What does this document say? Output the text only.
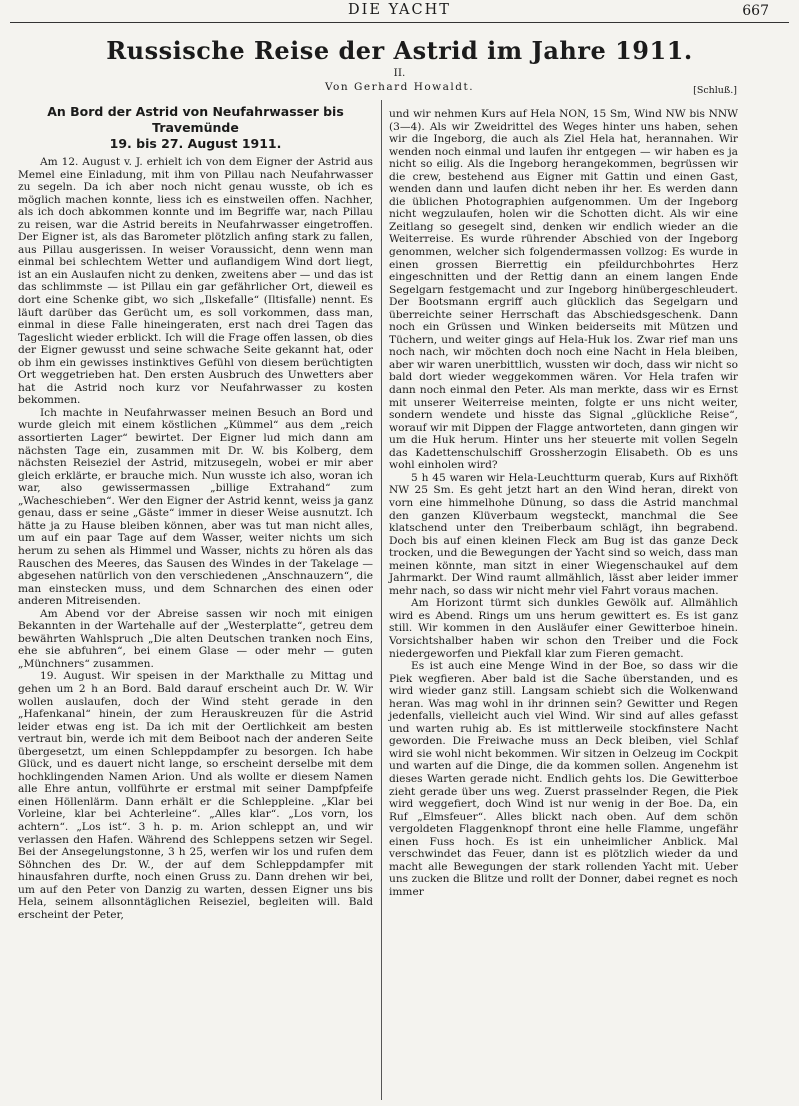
DIE YACHT	667
Russische Reise der Astrid im Jahre 1911.
II.
Von Gerhard Howaldt.	[Schluß.]
An Bord der Astrid von Neufahrwasser bis Travemünde
19. bis 27. August 1911.

Am 12. August v. J. erhielt ich von dem Eigner der Astrid aus Memel eine Einladung, mit ihm von Pillau nach Neufahrwasser zu segeln. Da ich aber noch nicht genau wusste, ob ich es möglich machen konnte, liess ich es einstweilen offen. Nachher, als ich doch abkommen konnte und im Begriffe war, nach Pillau zu reisen, war die Astrid bereits in Neufahrwasser eingetroffen. Der Eigner ist, als das Barometer plötzlich anfing stark zu fallen, aus Pillau ausgerissen. In weiser Voraussicht, denn wenn man einmal bei schlechtem Wetter und auflandigem Wind dort liegt, ist an ein Auslaufen nicht zu denken, zweitens aber — und das ist das schlimmste — ist Pillau ein gar gefährlicher Ort, dieweil es dort eine Schenke gibt, wo sich „Ilskefalle“ (Iltisfalle) nennt. Es läuft darüber das Gerücht um, es soll vorkommen, dass man, einmal in diese Falle hineingeraten, erst nach drei Tagen das Tageslicht wieder erblickt. Ich will die Frage offen lassen, ob dies der Eigner gewusst und seine schwache Seite gekannt hat, oder ob ihm ein gewisses instinktives Gefühl von diesem berüchtigten Ort weggetrieben hat. Den ersten Ausbruch des Unwetters aber hat die Astrid noch kurz vor Neufahrwasser zu kosten bekommen.

Ich machte in Neufahrwasser meinen Besuch an Bord und wurde gleich mit einem köstlichen „Kümmel“ aus dem „reich assortierten Lager“ bewirtet. Der Eigner lud mich dann am nächsten Tage ein, zusammen mit Dr. W. bis Kolberg, dem nächsten Reiseziel der Astrid, mitzusegeln, wobei er mir aber gleich erklärte, er brauche mich. Nun wusste ich also, woran ich war, also gewissermassen „billige Extrahand“ zum „Wacheschieben“. Wer den Eigner der Astrid kennt, weiss ja ganz genau, dass er seine „Gäste“ immer in dieser Weise ausnutzt. Ich hätte ja zu Hause bleiben können, aber was tut man nicht alles, um auf ein paar Tage auf dem Wasser, weiter nichts um sich herum zu sehen als Himmel und Wasser, nichts zu hören als das Rauschen des Meeres, das Sausen des Windes in der Takelage — abgesehen natürlich von den verschiedenen „Anschnauzern“, die man einstecken muss, und dem Schnarchen des einen oder anderen Mitreisenden.

Am Abend vor der Abreise sassen wir noch mit einigen Bekannten in der Wartehalle auf der „Westerplatte“, getreu dem bewährten Wahlspruch „Die alten Deutschen tranken noch Eins, ehe sie abfuhren“, bei einem Glase — oder mehr — guten „Münchners“ zusammen.

19. August. Wir speisen in der Markthalle zu Mittag und gehen um 2 h an Bord. Bald darauf erscheint auch Dr. W. Wir wollen auslaufen, doch der Wind steht gerade in den „Hafenkanal“ hinein, der zum Herauskreuzen für die Astrid leider etwas eng ist. Da ich mit der Oertlichkeit am besten vertraut bin, werde ich mit dem Beiboot nach der anderen Seite übergesetzt, um einen Schleppdampfer zu besorgen. Ich habe Glück, und es dauert nicht lange, so erscheint derselbe mit dem hochklingenden Namen Arion. Und als wollte er diesem Namen alle Ehre antun, vollführte er erstmal mit seiner Dampfpfeife einen Höllenlärm. Dann erhält er die Schleppleine. „Klar bei Vorleine, klar bei Achterleine“. „Alles klar“. „Los vorn, los achtern“. „Los ist“. 3 h. p. m. Arion schleppt an, und wir verlassen den Hafen. Während des Schleppens setzen wir Segel. Bei der Ansegelungstonne, 3 h 25, werfen wir los und rufen dem Söhnchen des Dr. W., der auf dem Schleppdampfer mit hinausfahren durfte, noch einen Gruss zu. Dann drehen wir bei, um auf den Peter von Danzig zu warten, dessen Eigner uns bis Hela, seinem allsonntäglichen Reiseziel, begleiten will. Bald erscheint der Peter,

und wir nehmen Kurs auf Hela NON, 15 Sm, Wind NW bis NNW (3—4). Als wir Zweidrittel des Weges hinter uns haben, sehen wir die Ingeborg, die auch als Ziel Hela hat, herannahen. Wir wenden noch einmal und laufen ihr entgegen — wir haben es ja nicht so eilig. Als die Ingeborg herangekommen, begrüssen wir die crew, bestehend aus Eigner mit Gattin und einen Gast, wenden dann und laufen dicht neben ihr her. Es werden dann die üblichen Photographien aufgenommen. Um der Ingeborg nicht wegzulaufen, holen wir die Schotten dicht. Als wir eine Zeitlang so gesegelt sind, denken wir endlich wieder an die Weiterreise. Es wurde rührender Abschied von der Ingeborg genommen, welcher sich folgendermassen vollzog: Es wurde in einen grossen Bierrettig ein pfeildurchbohrtes Herz eingeschnitten und der Rettig dann an einem langen Ende Segelgarn festgemacht und zur Ingeborg hinübergeschleudert. Der Bootsmann ergriff auch glücklich das Segelgarn und überreichte seiner Herrschaft das Abschiedsgeschenk. Dann noch ein Grüssen und Winken beiderseits mit Mützen und Tüchern, und weiter gings auf Hela-Huk los. Zwar rief man uns noch nach, wir möchten doch noch eine Nacht in Hela bleiben, aber wir waren unerbittlich, wussten wir doch, dass wir nicht so bald dort wieder weggekommen wären. Vor Hela trafen wir dann noch einmal den Peter. Als man merkte, dass wir es Ernst mit unserer Weiterreise meinten, folgte er uns nicht weiter, sondern wendete und hisste das Signal „glückliche Reise“, worauf wir mit Dippen der Flagge antworteten, dann gingen wir um die Huk herum. Hinter uns her steuerte mit vollen Segeln das Kadettenschulschiff Grossherzogin Elisabeth. Ob es uns wohl einholen wird?

5 h 45 waren wir Hela-Leuchtturm querab, Kurs auf Rixhöft NW 25 Sm. Es geht jetzt hart an den Wind heran, direkt von vorn eine himmelhohe Dünung, so dass die Astrid manchmal den ganzen Klüverbaum wegsteckt, manchmal die See klatschend unter den Treiberbaum schlägt, ihn begrabend. Doch bis auf einen kleinen Fleck am Bug ist das ganze Deck trocken, und die Bewegungen der Yacht sind so weich, dass man meinen könnte, man sitzt in einer Wiegenschaukel auf dem Jahrmarkt. Der Wind raumt allmählich, lässt aber leider immer mehr nach, so dass wir nicht mehr viel Fahrt voraus machen.

Am Horizont türmt sich dunkles Gewölk auf. Allmählich wird es Abend. Rings um uns herum gewittert es. Es ist ganz still. Wir kommen in den Ausläufer einer Gewitterboe hinein. Vorsichtshalber haben wir schon den Treiber und die Fock niedergeworfen und Piekfall klar zum Fieren gemacht.

Es ist auch eine Menge Wind in der Boe, so dass wir die Piek wegfieren. Aber bald ist die Sache überstanden, und es wird wieder ganz still. Langsam schiebt sich die Wolkenwand heran. Was mag wohl in ihr drinnen sein? Gewitter und Regen jedenfalls, vielleicht auch viel Wind. Wir sind auf alles gefasst und warten ruhig ab. Es ist mittlerweile stockfinstere Nacht geworden. Die Freiwache muss an Deck bleiben, viel Schlaf wird sie wohl nicht bekommen. Wir sitzen in Oelzeug im Cockpit und warten auf die Dinge, die da kommen sollen. Angenehm ist dieses Warten gerade nicht. Endlich gehts los. Die Gewitterboe zieht gerade über uns weg. Zuerst prasselnder Regen, die Piek wird weggefiert, doch Wind ist nur wenig in der Boe. Da, ein Ruf „Elmsfeuer“. Alles blickt nach oben. Auf dem schön vergoldeten Flaggenknopf thront eine helle Flamme, ungefähr einen Fuss hoch. Es ist ein unheimlicher Anblick. Mal verschwindet das Feuer, dann ist es plötzlich wieder da und macht alle Bewegungen der stark rollenden Yacht mit. Ueber uns zucken die Blitze und rollt der Donner, dabei regnet es noch immer
